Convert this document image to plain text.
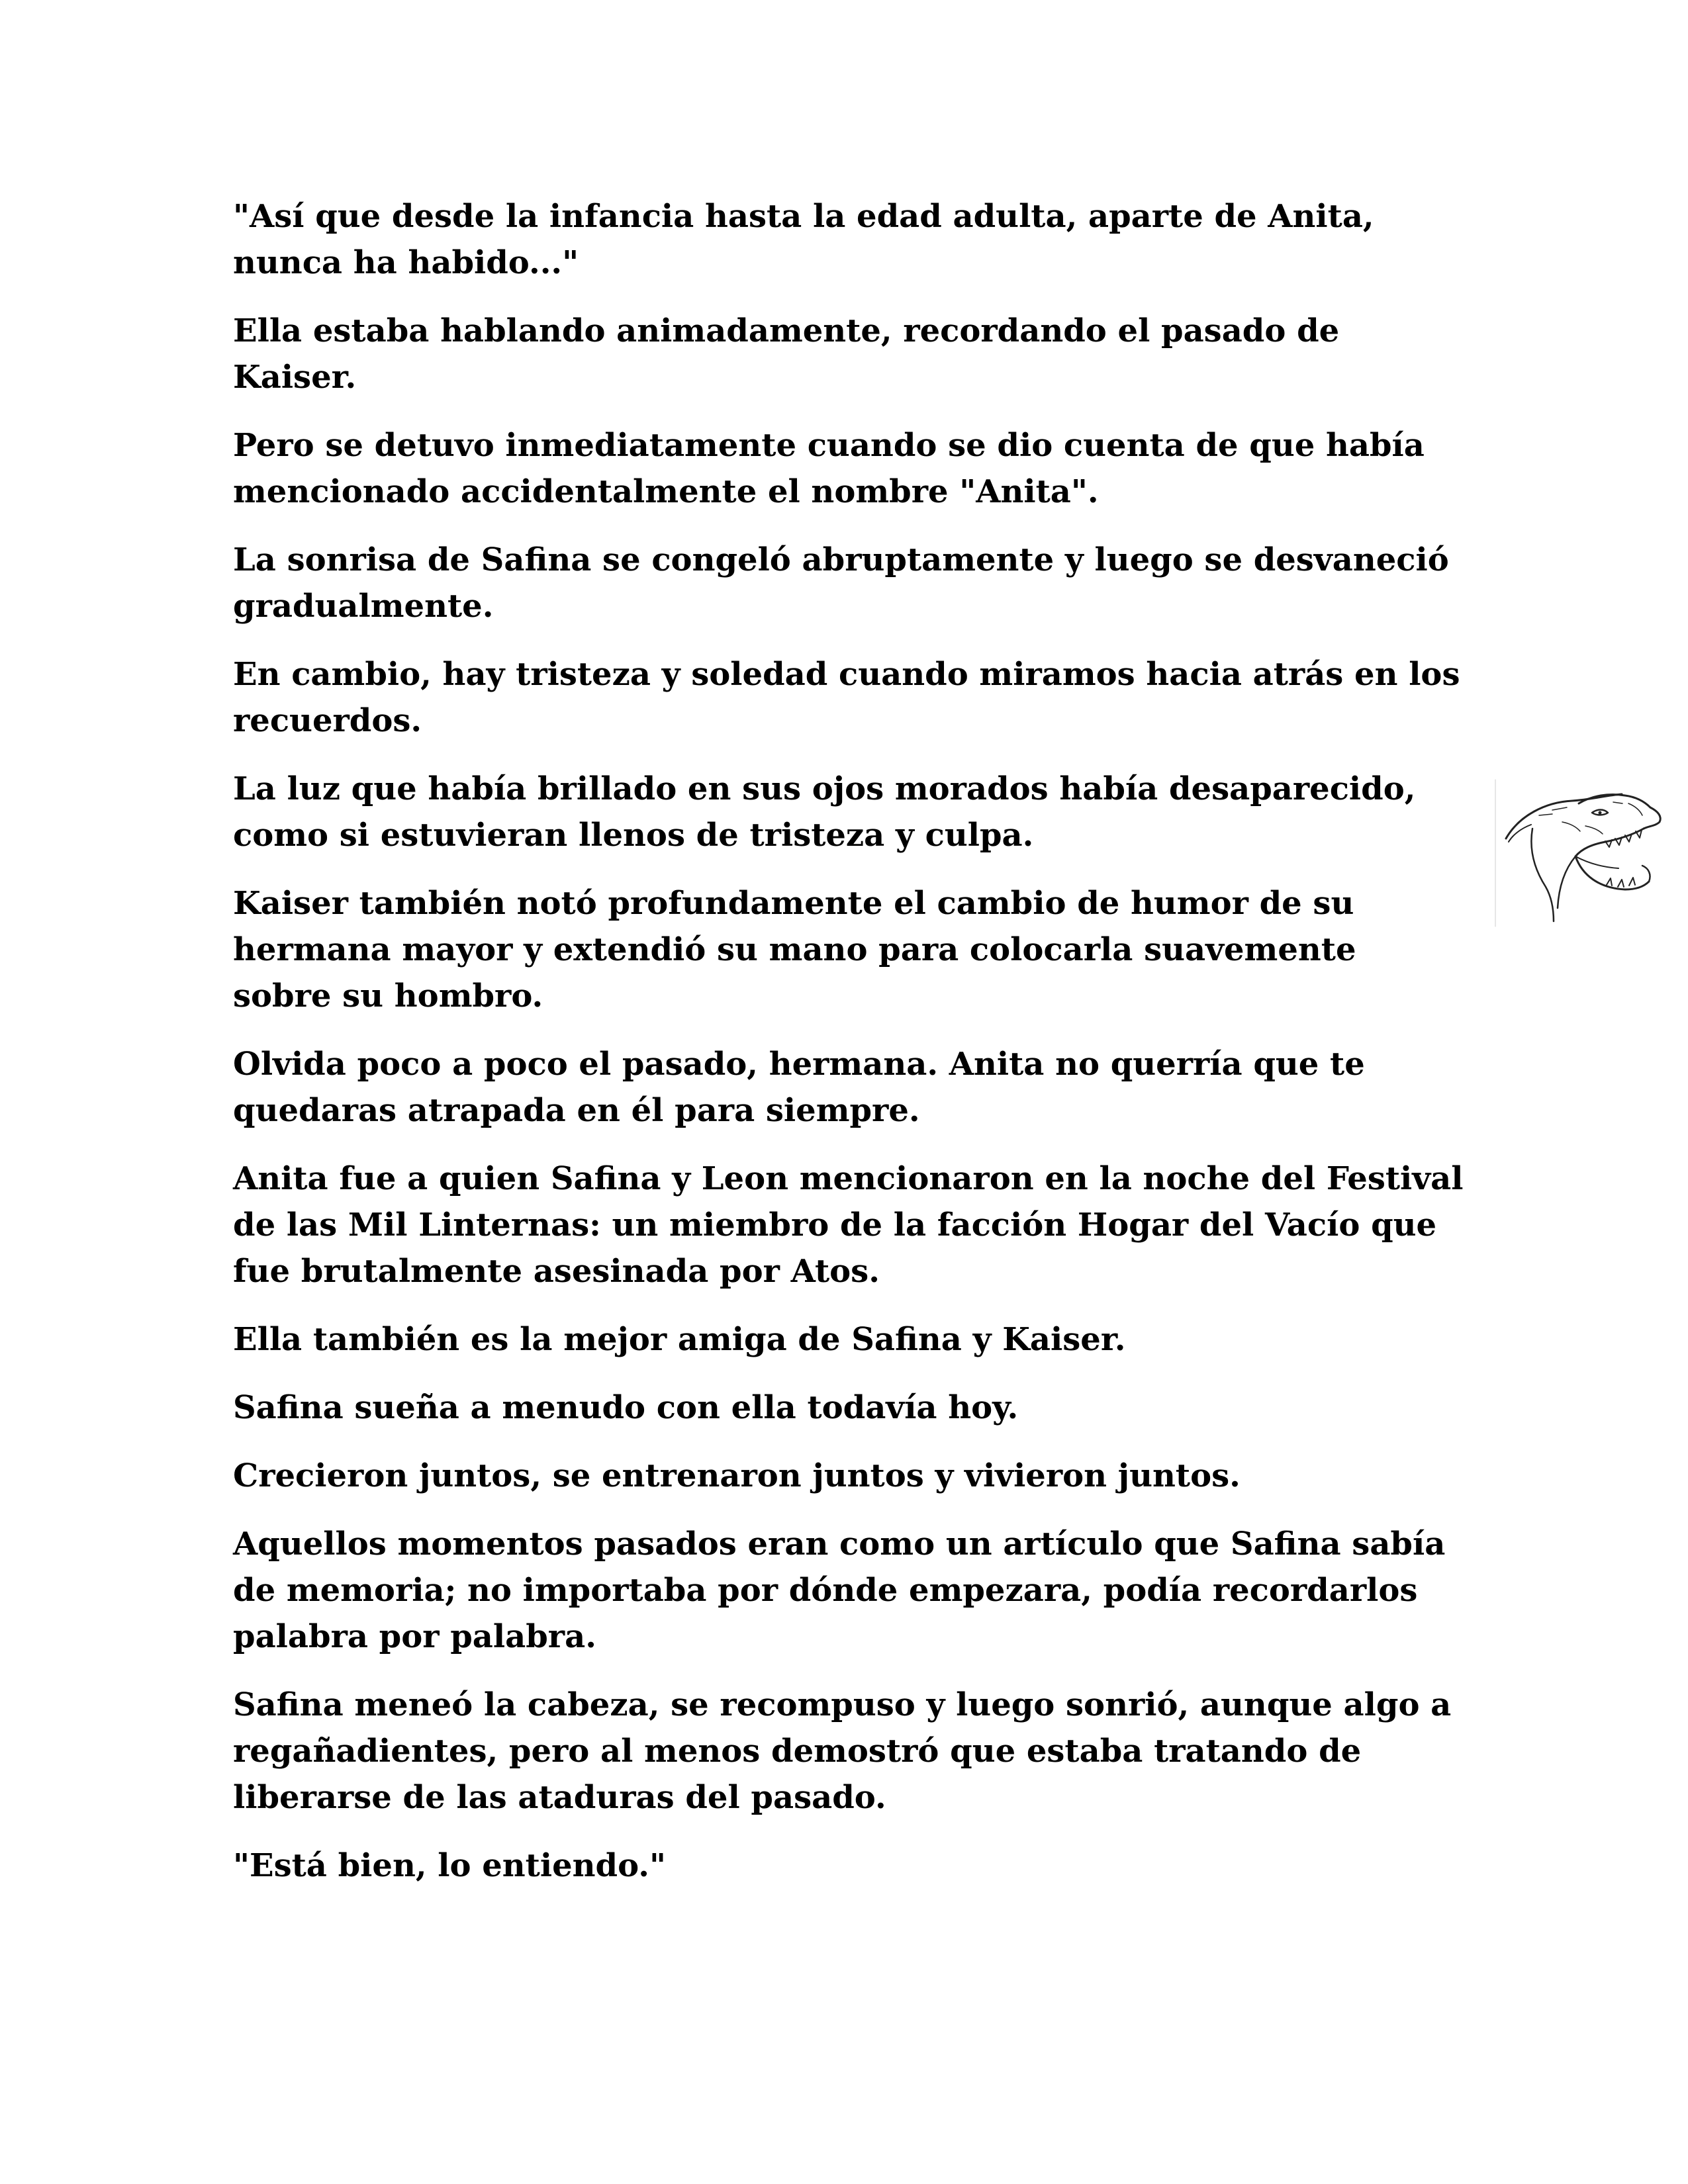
"Así que desde la infancia hasta la edad adulta, aparte de Anita, nunca ha habido..."

Ella estaba hablando animadamente, recordando el pasado de Kaiser.

Pero se detuvo inmediatamente cuando se dio cuenta de que había mencionado accidentalmente el nombre "Anita".

La sonrisa de Safina se congeló abruptamente y luego se desvaneció gradualmente.

En cambio, hay tristeza y soledad cuando miramos hacia atrás en los recuerdos.

La luz que había brillado en sus ojos morados había desaparecido, como si estuvieran llenos de tristeza y culpa.

Kaiser también notó profundamente el cambio de humor de su hermana mayor y extendió su mano para colocarla suavemente sobre su hombro.

Olvida poco a poco el pasado, hermana. Anita no querría que te quedaras atrapada en él para siempre.

Anita fue a quien Safina y Leon mencionaron en la noche del Festival de las Mil Linternas: un miembro de la facción Hogar del Vacío que fue brutalmente asesinada por Atos.

Ella también es la mejor amiga de Safina y Kaiser.

Safina sueña a menudo con ella todavía hoy.

Crecieron juntos, se entrenaron juntos y vivieron juntos.

Aquellos momentos pasados eran como un artículo que Safina sabía de memoria; no importaba por dónde empezara, podía recordarlos palabra por palabra.

Safina meneó la cabeza, se recompuso y luego sonrió, aunque algo a regañadientes, pero al menos demostró que estaba tratando de liberarse de las ataduras del pasado.

"Está bien, lo entiendo."
